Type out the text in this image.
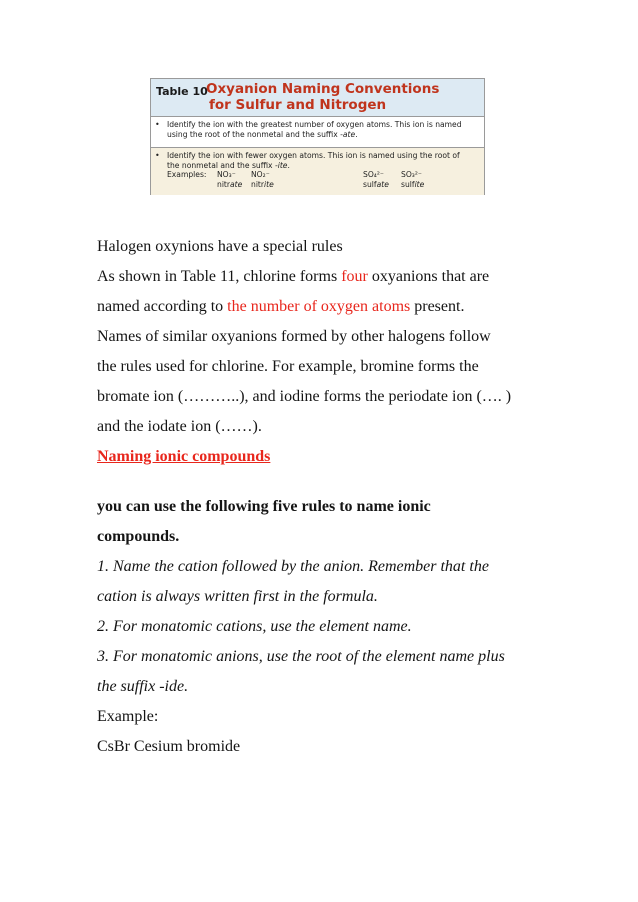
Table 10
Oxyanion Naming Conventions
for Sulfur and Nitrogen
• Identify the ion with the greatest number of oxygen atoms. This ion is named
using the root of the nonmetal and the suffix -ate.
• Identify the ion with fewer oxygen atoms. This ion is named using the root of
the nonmetal and the suffix -ite.
Examples: NO₃⁻
nitrate
NO₂⁻
nitrite
SO₄²⁻
sulfate
SO₃²⁻
sulfite
Halogen oxynions have a special rules
As shown in Table 11, chlorine forms four oxyanions that are
named according to the number of oxygen atoms present.
Names of similar oxyanions formed by other halogens follow
the rules used for chlorine. For example, bromine forms the
bromate ion (………..), and iodine forms the periodate ion (…. )
and the iodate ion (……).
Naming ionic compounds
you can use the following five rules to name ionic
compounds.
1. Name the cation followed by the anion. Remember that the
cation is always written first in the formula.
2. For monatomic cations, use the element name.
3. For monatomic anions, use the root of the element name plus
the suffix -ide.
Example:
CsBr Cesium bromide
